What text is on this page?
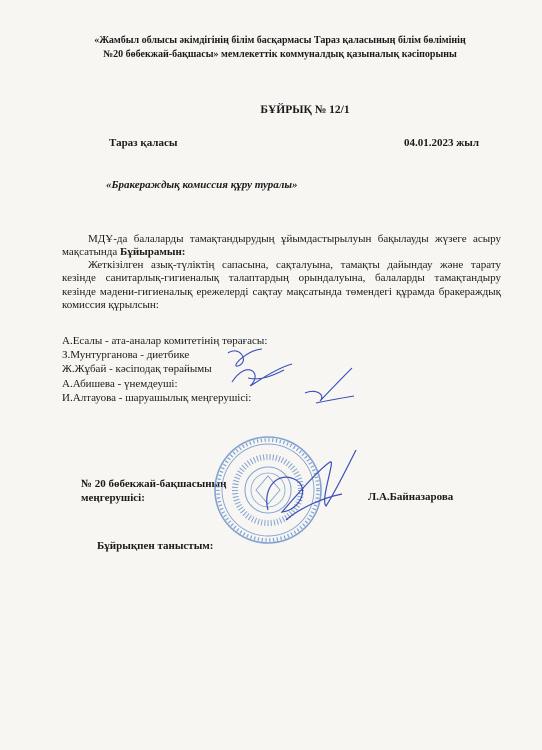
«Жамбыл облысы әкімдігінің білім басқармасы Тараз қаласының білім бөлімінің
№20 бөбекжай-бақшасы» мемлекеттік коммуналдық қазыналық кәсіпорыны
БҰЙРЫҚ № 12/1
Тараз қаласы	04.01.2023 жыл
«Бракераждық комиссия құру туралы»
МДҰ-да балаларды тамақтандырудың ұйымдастырылуын бақылауды жүзеге асыру мақсатында Бұйырамын:
Жеткізілген азық-түліктің сапасына, сақталуына, тамақты дайындау және тарату кезінде санитарлық-гигиеналық талаптардың орындалуына, балаларды тамақтандыру кезінде мәдени-гигиеналық ережелерді сақтау мақсатында төмендегі құрамда бракераждық комиссия құрылсын:
А.Есалы - ата-аналар комитетінің төрағасы:
З.Мунтурганова - диетбике
Ж.Жұбай - кәсіподақ төрайымы
А.Абишева - үнемдеуші:
И.Алтауова - шаруашылық меңгерушісі:
№ 20 бөбекжай-бақшасының
меңгерушісі:	Л.А.Байназарова
Бұйрықпен таныстым:
